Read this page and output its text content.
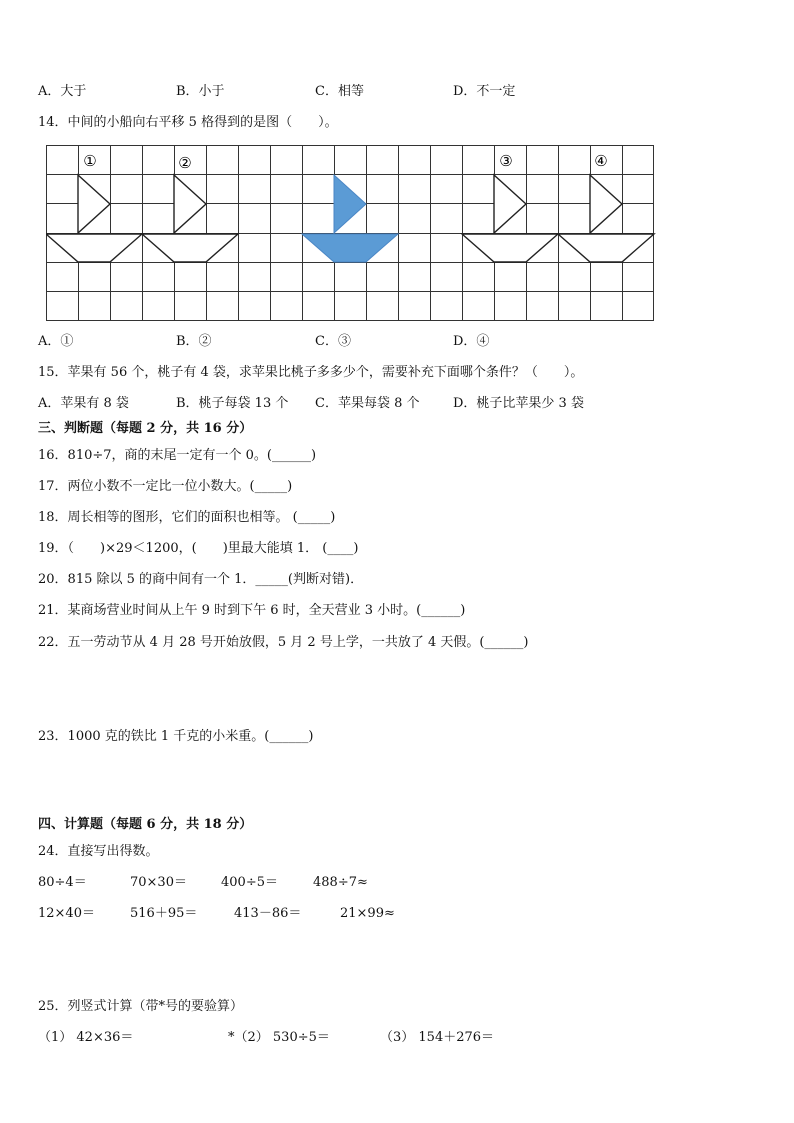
A．大于	B．小于	C．相等	D．不一定
14．中间的小船向右平移 5 格得到的是图（　　）。
①	②	③	④
A．①	B．②	C．③	D．④
15．苹果有 56 个，桃子有 4 袋，求苹果比桃子多多少个，需要补充下面哪个条件？（　　）。
A．苹果有 8 袋	B．桃子每袋 13 个 C．苹果每袋 8 个	D．桃子比苹果少 3 袋
三、判断题（每题 2 分，共 16 分）
16．810÷7，商的末尾一定有一个 0。(______)
17．两位小数不一定比一位小数大。(_____)
18．周长相等的图形，它们的面积也相等。 (_____)
19．（　　)×29＜1200，(　　)里最大能填 1． (____)
20．815 除以 5 的商中间有一个 1．_____(判断对错)．
21．某商场营业时间从上午 9 时到下午 6 时，全天营业 3 小时。(______)
22．五一劳动节从 4 月 28 号开始放假，5 月 2 号上学，一共放了 4 天假。(______)
23．1000 克的铁比 1 千克的小米重。(______)
四、计算题（每题 6 分，共 18 分）
24．直接写出得数。
80÷4＝	70×30＝	400÷5＝	488÷7≈
12×40＝	516＋95＝	413－86＝	21×99≈
25．列竖式计算（带*号的要验算）
（1） 42×36＝	*（2） 530÷5＝	（3） 154＋276＝
